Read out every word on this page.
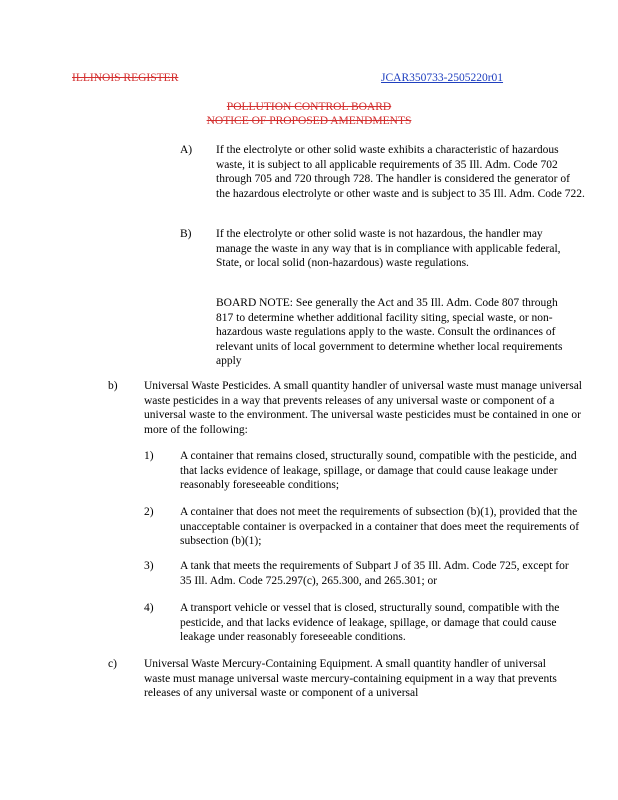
ILLINOIS REGISTER	JCAR350733-2505220r01
POLLUTION CONTROL BOARD
NOTICE OF PROPOSED AMENDMENTS
A) If the electrolyte or other solid waste exhibits a characteristic of hazardous waste, it is subject to all applicable requirements of 35 Ill. Adm. Code 702 through 705 and 720 through 728. The handler is considered the generator of the hazardous electrolyte or other waste and is subject to 35 Ill. Adm. Code 722.
B) If the electrolyte or other solid waste is not hazardous, the handler may manage the waste in any way that is in compliance with applicable federal, State, or local solid (non-hazardous) waste regulations.
BOARD NOTE: See generally the Act and 35 Ill. Adm. Code 807 through 817 to determine whether additional facility siting, special waste, or non-hazardous waste regulations apply to the waste. Consult the ordinances of relevant units of local government to determine whether local requirements apply
b) Universal Waste Pesticides. A small quantity handler of universal waste must manage universal waste pesticides in a way that prevents releases of any universal waste or component of a universal waste to the environment. The universal waste pesticides must be contained in one or more of the following:
1) A container that remains closed, structurally sound, compatible with the pesticide, and that lacks evidence of leakage, spillage, or damage that could cause leakage under reasonably foreseeable conditions;
2) A container that does not meet the requirements of subsection (b)(1), provided that the unacceptable container is overpacked in a container that does meet the requirements of subsection (b)(1);
3) A tank that meets the requirements of Subpart J of 35 Ill. Adm. Code 725, except for 35 Ill. Adm. Code 725.297(c), 265.300, and 265.301; or
4) A transport vehicle or vessel that is closed, structurally sound, compatible with the pesticide, and that lacks evidence of leakage, spillage, or damage that could cause leakage under reasonably foreseeable conditions.
c) Universal Waste Mercury-Containing Equipment. A small quantity handler of universal waste must manage universal waste mercury-containing equipment in a way that prevents releases of any universal waste or component of a universal
